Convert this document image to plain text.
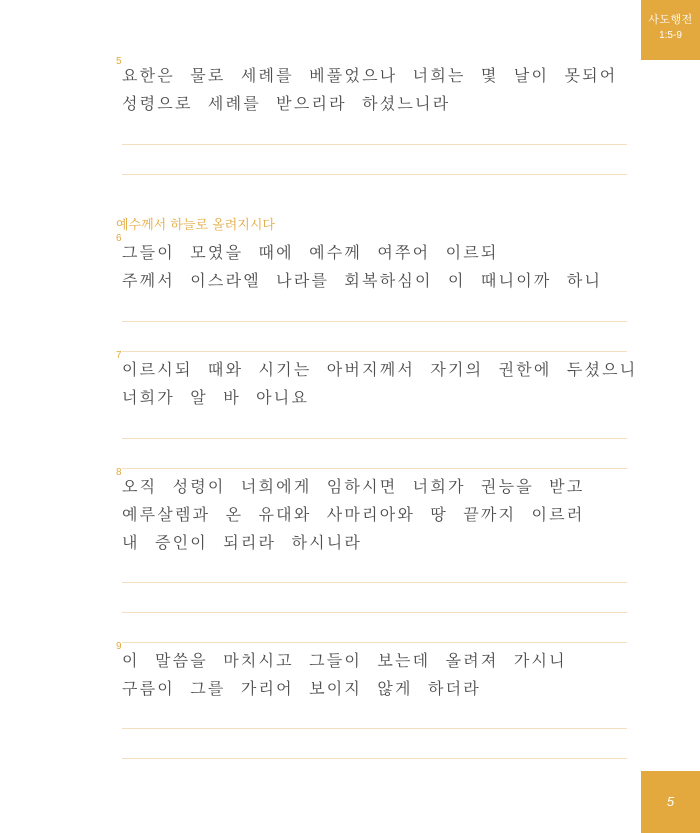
사도행전
1:5-9
5
요한은 물로 세례를 베풀었으나 너희는 몇 날이 못되어
성령으로 세례를 받으리라 하셨느니라
예수께서 하늘로 올려지시다
6
그들이 모였을 때에 예수께 여쭈어 이르되
주께서 이스라엘 나라를 회복하심이 이 때니이까 하니
7
이르시되 때와 시기는 아버지께서 자기의 권한에 두셨으니
너희가 알 바 아니요
8
오직 성령이 너희에게 임하시면 너희가 권능을 받고
예루살렘과 온 유대와 사마리아와 땅 끝까지 이르러
내 증인이 되리라 하시니라
9
이 말씀을 마치시고 그들이 보는데 올려져 가시니
구름이 그를 가리어 보이지 않게 하더라
5
